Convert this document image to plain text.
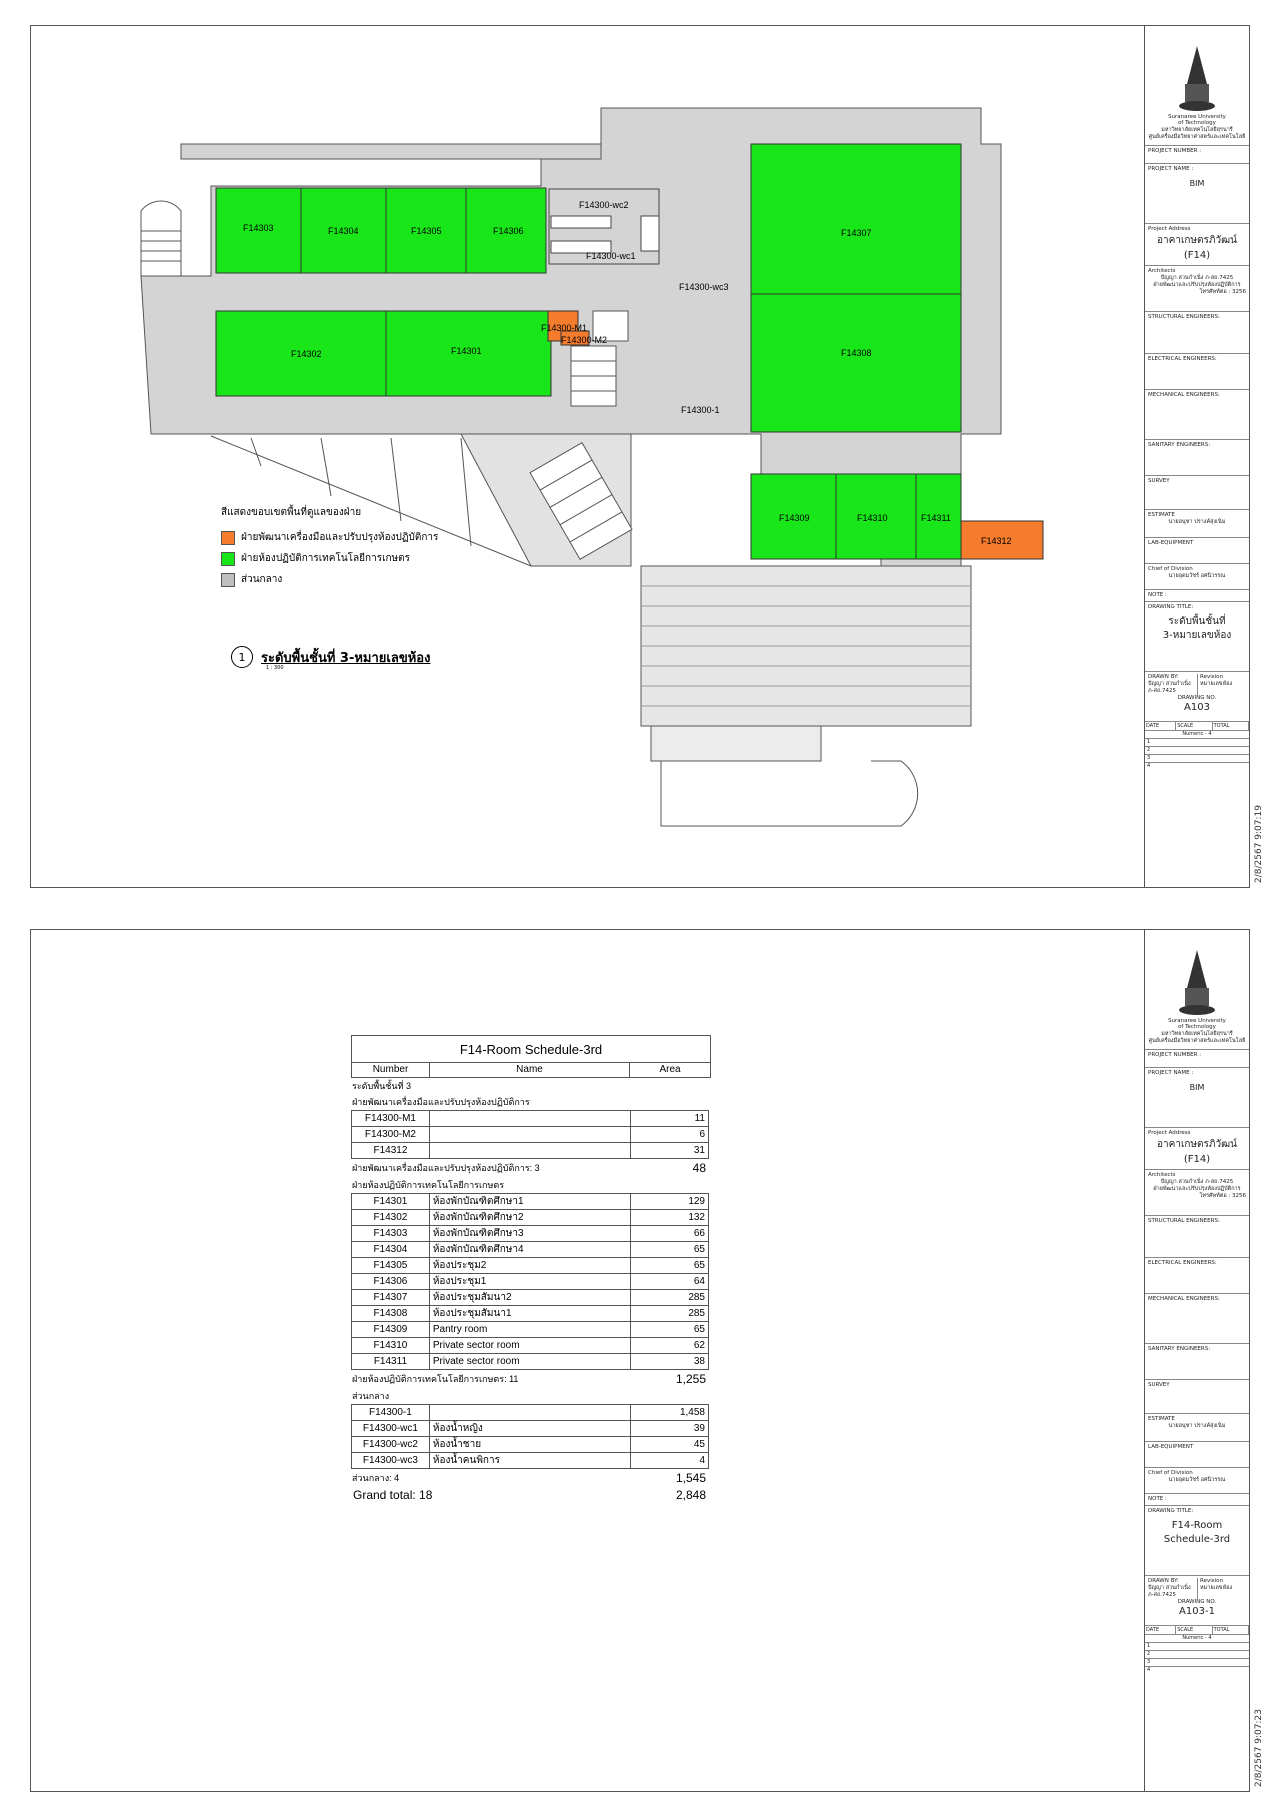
F14303	F14304	F14305	F14306
F14302	F14301
F14307
F14308
F14309	F14310	F14311
F14312
F14300-wc2
F14300-wc1
F14300-wc3
F14300-M1
F14300-M2
F14300-1
สีแสดงขอบเขตพื้นที่ดูแลของฝ่าย
ฝ่ายพัฒนาเครื่องมือและปรับปรุงห้องปฏิบัติการ
ฝ่ายห้องปฏิบัติการเทคโนโลยีการเกษตร
ส่วนกลาง
1	ระดับพื้นชั้นที่ 3-หมายเลขห้อง
1 : 300
Suranaree University
of Technology
มหาวิทยาลัยเทคโนโลยีสุรนารี
ศูนย์เครื่องมือวิทยาศาสตร์และเทคโนโลยี
PROJECT NUMBER :
PROJECT NAME :
BIM
Project Address
อาคาเกษตรภิวัฒน์
(F14)
Architects
ปัญญา สวนกำเนิ่ง ภ-สถ.7425
ฝ่ายพัฒนาและปรับปรุงห้องปฏิบัติการ
โทรศัพท์ต่อ : 3256
STRUCTURAL ENGINEERS:
ELECTRICAL ENGINEERS:
MECHANICAL ENGINEERS:
SANITARY ENGINEERS:
SURVEY
ESTIMATE
นายอนุชา ปรางค์สุ่งเนิม
LAB-EQUIPMENT
Chief of Division
นายอุดมวัชร์ อศนิวรรณ
NOTE :
DRAWING TITLE:
ระดับพื้นชั้นที่
3-หมายเลขห้อง
DRAWN BY:
ปัญญา สวนกำเนิ่ง
ภ-สถ.7425
Revision
หมายเลขห้อง
DRAWING NO.
A103
DATE	SCALE	TOTAL
Numeric - 4
1
2
3
4
2/8/2567 9:07:19
F14-Room Schedule-3rd
Number	Name	Area
ระดับพื้นชั้นที่ 3
ฝ่ายพัฒนาเครื่องมือและปรับปรุงห้องปฏิบัติการ
F14300-M1		11
F14300-M2		6
F14312		31
ฝ่ายพัฒนาเครื่องมือและปรับปรุงห้องปฏิบัติการ: 3	48
ฝ่ายห้องปฏิบัติการเทคโนโลยีการเกษตร
F14301	ห้องพักบัณฑิตศึกษา1	129
F14302	ห้องพักบัณฑิตศึกษา2	132
F14303	ห้องพักบัณฑิตศึกษา3	66
F14304	ห้องพักบัณฑิตศึกษา4	65
F14305	ห้องประชุม2	65
F14306	ห้องประชุม1	64
F14307	ห้องประชุมสัมนา2	285
F14308	ห้องประชุมสัมนา1	285
F14309	Pantry room	65
F14310	Private sector room	62
F14311	Private sector room	38
ฝ่ายห้องปฏิบัติการเทคโนโลยีการเกษตร: 11	1,255
ส่วนกลาง
F14300-1		1,458
F14300-wc1	ห้องน้ำหญิง	39
F14300-wc2	ห้องน้ำชาย	45
F14300-wc3	ห้องน้ำคนพิการ	4
ส่วนกลาง: 4	1,545
Grand total: 18	2,848
Suranaree University
of Technology
มหาวิทยาลัยเทคโนโลยีสุรนารี
ศูนย์เครื่องมือวิทยาศาสตร์และเทคโนโลยี
PROJECT NUMBER :
PROJECT NAME :
BIM
Project Address
อาคาเกษตรภิวัฒน์
(F14)
Architects
ปัญญา สวนกำเนิ่ง ภ-สถ.7425
ฝ่ายพัฒนาและปรับปรุงห้องปฏิบัติการ
โทรศัพท์ต่อ : 3256
STRUCTURAL ENGINEERS:
ELECTRICAL ENGINEERS:
MECHANICAL ENGINEERS:
SANITARY ENGINEERS:
SURVEY
ESTIMATE
นายอนุชา ปรางค์สุ่งเนิม
LAB-EQUIPMENT
Chief of Division
นายอุดมวัชร์ อศนิวรรณ
NOTE :
DRAWING TITLE:
F14-Room
Schedule-3rd
DRAWN BY:
ปัญญา สวนกำเนิ่ง
ภ-สถ.7425
Revision
หมายเลขห้อง
DRAWING NO.
A103-1
DATE	SCALE	TOTAL
Numeric - 4
1
2
3
4
2/8/2567 9:07:23
